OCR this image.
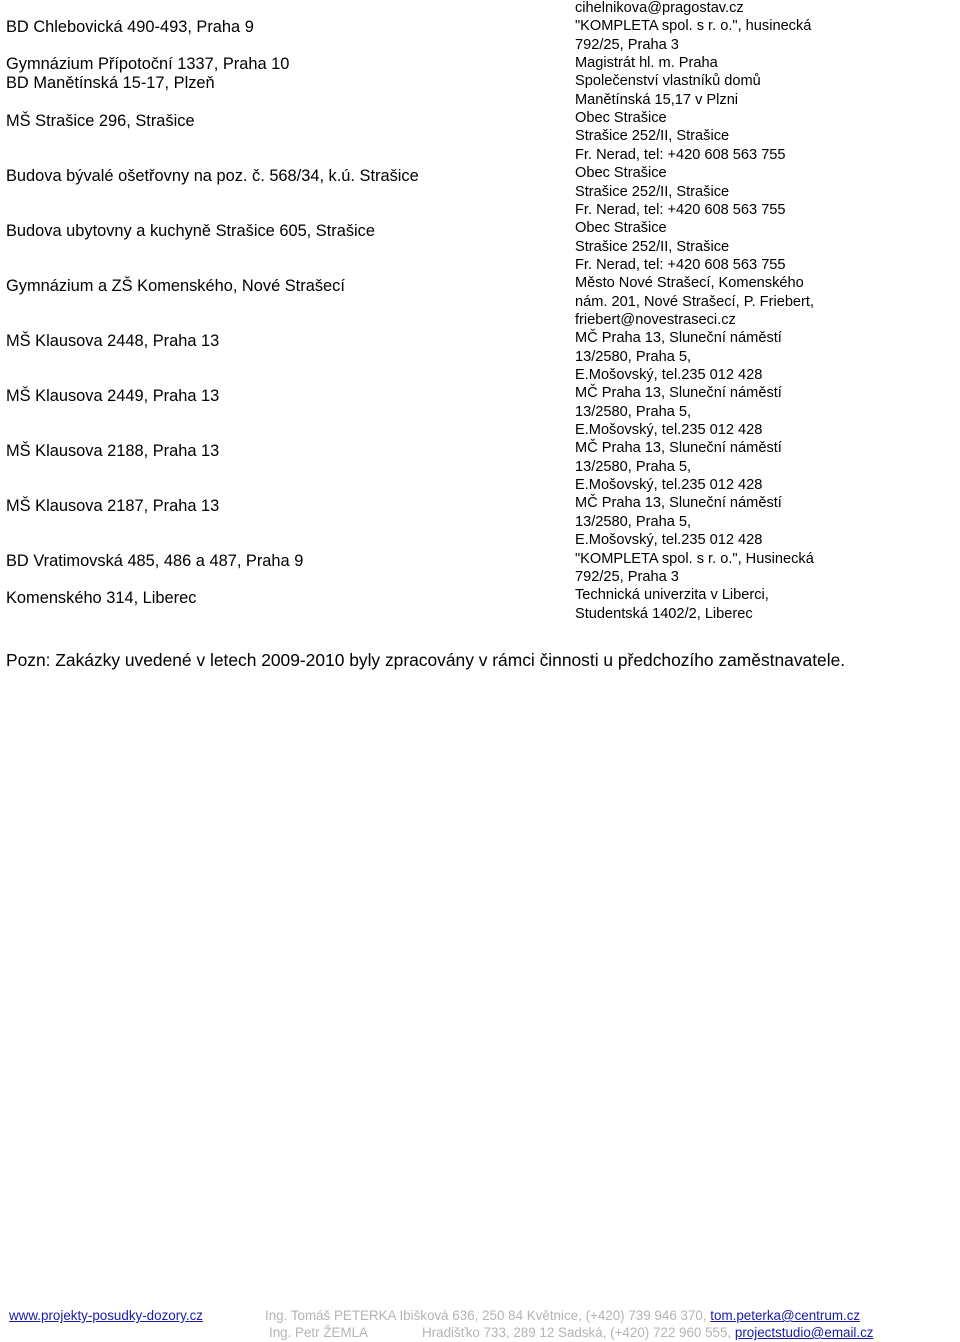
BD Chlebovická 490-493, Praha 9
Gymnázium Přípotoční 1337, Praha 10
BD Manětínská 15-17, Plzeň
MŠ Strašice 296, Strašice
Budova bývalé ošetřovny na poz. č. 568/34, k.ú. Strašice
Budova ubytovny a kuchyně Strašice 605, Strašice
Gymnázium a ZŠ Komenského, Nové Strašecí
MŠ Klausova 2448, Praha 13
MŠ Klausova 2449, Praha 13
MŠ Klausova 2188, Praha 13
MŠ Klausova 2187, Praha 13
BD Vratimovská 485, 486 a 487, Praha 9
Komenského 314, Liberec
cihelnikova@pragostav.cz
"KOMPLETA spol. s r. o.", husinecká
792/25, Praha 3
Magistrát hl. m. Praha
Společenství vlastníků domů
Manětínská 15,17 v Plzni
Obec Strašice
Strašice 252/II, Strašice
Fr. Nerad, tel: +420 608 563 755
Obec Strašice
Strašice 252/II, Strašice
Fr. Nerad, tel: +420 608 563 755
Obec Strašice
Strašice 252/II, Strašice
Fr. Nerad, tel: +420 608 563 755
Město Nové Strašecí, Komenského
nám. 201, Nové Strašecí, P. Friebert,
friebert@novestraseci.cz
MČ Praha 13, Sluneční náměstí
13/2580, Praha 5,
E.Mošovský, tel.235 012 428
MČ Praha 13, Sluneční náměstí
13/2580, Praha 5,
E.Mošovský, tel.235 012 428
MČ Praha 13, Sluneční náměstí
13/2580, Praha 5,
E.Mošovský, tel.235 012 428
MČ Praha 13, Sluneční náměstí
13/2580, Praha 5,
E.Mošovský, tel.235 012 428
"KOMPLETA spol. s r. o.", Husinecká
792/25, Praha 3
Technická univerzita v Liberci,
Studentská 1402/2, Liberec
Pozn: Zakázky uvedené v letech 2009-2010 byly zpracovány v rámci činnosti u předchozího zaměstnavatele.
www.projekty-posudky-dozory.cz	Ing. Tomáš PETERKA Ibišková 636, 250 84 Květnice, (+420) 739 946 370, tom.peterka@centrum.cz
Ing. Petr ŽEMLA	Hradišťko 733, 289 12 Sadská, (+420) 722 960 555, projectstudio@email.cz
